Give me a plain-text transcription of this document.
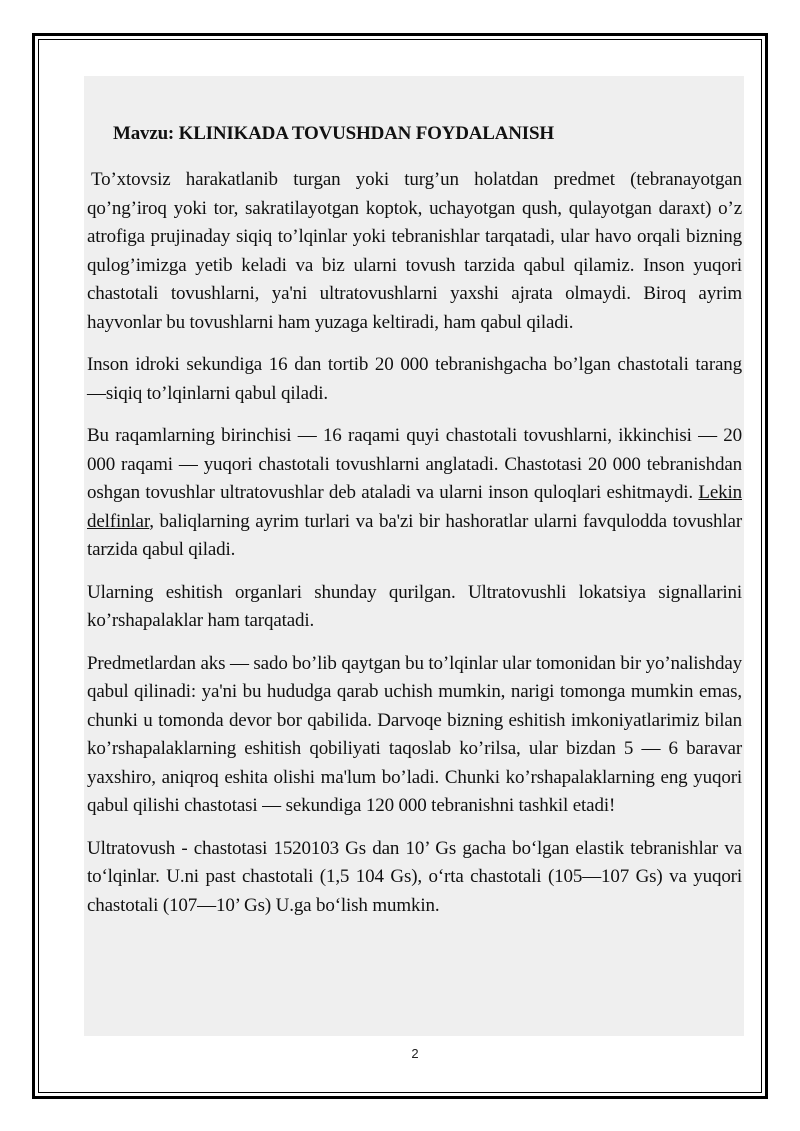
Mavzu: KLINIKADA TOVUSHDAN FOYDALANISH

To’xtovsiz harakatlanib turgan yoki turg’un holatdan predmet (tebranayotgan qo’ng’iroq yoki tor, sakratilayotgan koptok, uchayotgan qush, qulayotgan daraxt) o’z atrofiga prujinaday siqiq to’lqinlar yoki tebranishlar tarqatadi, ular havo orqali bizning qulog’imizga yetib keladi va biz ularni tovush tarzida qabul qilamiz. Inson yuqori chastotali tovushlarni, ya'ni ultratovushlarni yaxshi ajrata olmaydi. Biroq ayrim hayvonlar bu tovushlarni ham yuzaga keltiradi, ham qabul qiladi.

Inson idroki sekundiga 16 dan tortib 20 000 tebranishgacha bo’lgan chastotali tarang —siqiq to’lqinlarni qabul qiladi.

Bu raqamlarning birinchisi — 16 raqami quyi chastotali tovushlarni, ikkinchisi — 20 000 raqami — yuqori chastotali tovushlarni anglatadi. Chastotasi 20 000 tebranishdan oshgan tovushlar ultratovushlar deb ataladi va ularni inson quloqlari eshitmaydi. Lekin delfinlar, baliqlarning ayrim turlari va ba'zi bir hashoratlar ularni favqulodda tovushlar tarzida qabul qiladi.

Ularning eshitish organlari shunday qurilgan. Ultratovushli lokatsiya signallarini ko’rshapalaklar ham tarqatadi.

Predmetlardan aks — sado bo’lib qaytgan bu to’lqinlar ular tomonidan bir yo’nalishday qabul qilinadi: ya'ni bu hududga qarab uchish mumkin, narigi tomonga mumkin emas, chunki u tomonda devor bor qabilida. Darvoqe bizning eshitish imkoniyatlarimiz bilan ko’rshapalaklarning eshitish qobiliyati taqoslab ko’rilsa, ular bizdan 5 — 6 baravar yaxshiro, aniqroq eshita olishi ma'lum bo’ladi. Chunki ko’rshapalaklarning eng yuqori qabul qilishi chastotasi — sekundiga 120 000 tebranishni tashkil etadi!

Ultratovush - chastotasi 1520103 Gs dan 10’ Gs gacha bo‘lgan elastik tebranishlar va to‘lqinlar. U.ni past chastotali (1,5 104 Gs), o‘rta chastotali (105—107 Gs) va yuqori chastotali (107—10’ Gs) U.ga bo‘lish mumkin.

2
